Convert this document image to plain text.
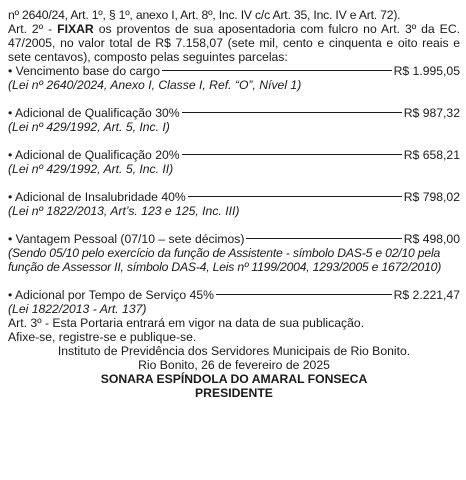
nº 2640/24, Art. 1º, § 1º, anexo I, Art. 8º, Inc. IV c/c Art. 35, Inc. IV e Art. 72).
Art. 2º - FIXAR os proventos de sua aposentadoria com fulcro no Art. 3º da EC. 47/2005, no valor total de R$ 7.158,07 (sete mil, cento e cinquenta e oito reais e sete centavos), composto pelas seguintes parcelas:
• Vencimento base do cargo	R$ 1.995,05
(Lei nº 2640/2024, Anexo I, Classe I, Ref. “O”, Nível 1)
• Adicional de Qualificação 30%	R$ 987,32
(Lei nº 429/1992, Art. 5, Inc. I)
• Adicional de Qualificação 20%	R$ 658,21
(Lei nº 429/1992, Art. 5, Inc. II)
• Adicional de Insalubridade 40%	R$ 798,02
(Lei nº 1822/2013, Art’s. 123 e 125, Inc. III)
• Vantagem Pessoal (07/10 – sete décimos)	R$ 498,00
(Sendo 05/10 pelo exercício da função de Assistente - símbolo DAS-5 e 02/10 pela função de Assessor II, símbolo DAS-4, Leis nº 1199/2004, 1293/2005 e 1672/2010)
• Adicional por Tempo de Serviço 45%	R$ 2.221,47
(Lei 1822/2013 - Art. 137)
Art. 3º - Esta Portaria entrará em vigor na data de sua publicação.
Afixe-se, registre-se e publique-se.
Instituto de Previdência dos Servidores Municipais de Rio Bonito.
Rio Bonito, 26 de fevereiro de 2025
SONARA ESPÍNDOLA DO AMARAL FONSECA
PRESIDENTE
